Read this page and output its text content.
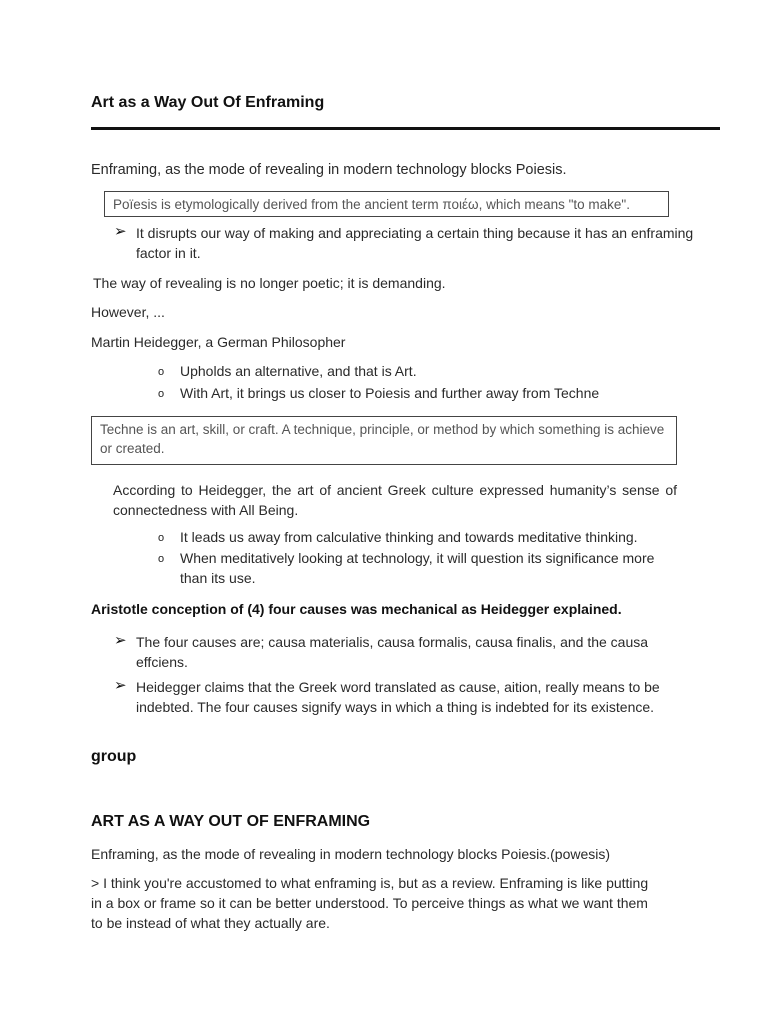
Art as a Way Out Of Enframing

Enframing, as the mode of revealing in modern technology blocks Poiesis.

Poïesis is etymologically derived from the ancient term ποιέω, which means "to make".
➢ It disrupts our way of making and appreciating a certain thing because it has an enframing factor in it.

The way of revealing is no longer poetic; it is demanding.

However, ...

Martin Heidegger, a German Philosopher

o Upholds an alternative, and that is Art.

o With Art, it brings us closer to Poiesis and further away from Techne

Techne is an art, skill, or craft. A technique, principle, or method by which something is achieve or created.

According to Heidegger, the art of ancient Greek culture expressed humanity’s sense of connectedness with All Being.

o It leads us away from calculative thinking and towards meditative thinking.

o When meditatively looking at technology, it will question its significance more than its use.

Aristotle conception of (4) four causes was mechanical as Heidegger explained.

➢ The four causes are; causa materialis, causa formalis, causa finalis, and the causa effciens.

➢ Heidegger claims that the Greek word translated as cause, aition, really means to be indebted. The four causes signify ways in which a thing is indebted for its existence.

group

ART AS A WAY OUT OF ENFRAMING

Enframing, as the mode of revealing in modern technology blocks Poiesis.(powesis)

> I think you're accustomed to what enframing is, but as a review. Enframing is like putting in a box or frame so it can be better understood. To perceive things as what we want them to be instead of what they actually are.
